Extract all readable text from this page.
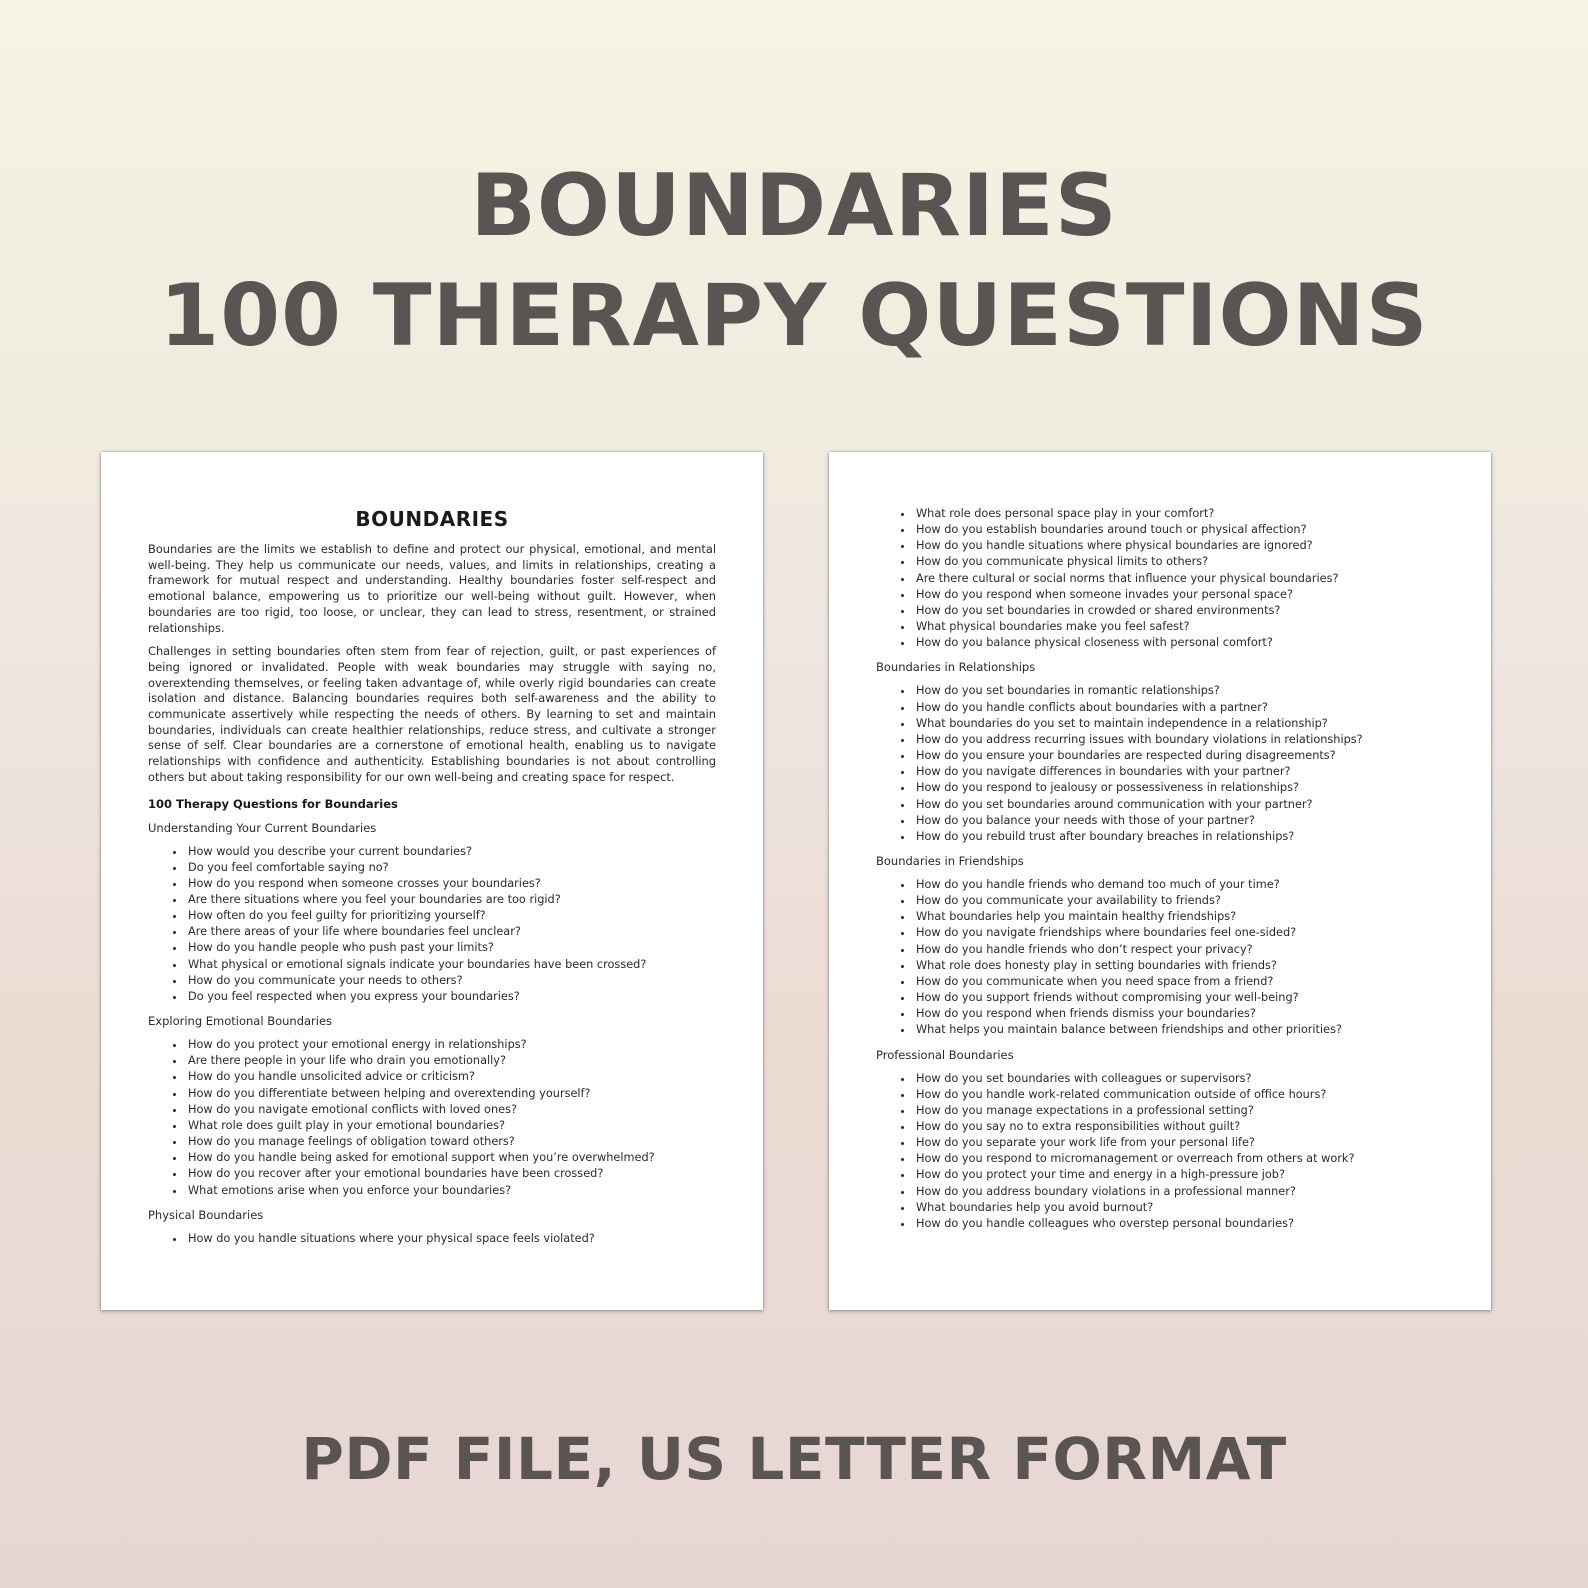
BOUNDARIES
100 THERAPY QUESTIONS
BOUNDARIES

Boundaries are the limits we establish to define and protect our physical, emotional, and mental well-being. They help us communicate our needs, values, and limits in relationships, creating a framework for mutual respect and understanding. Healthy boundaries foster self-respect and emotional balance, empowering us to prioritize our well-being without guilt. However, when boundaries are too rigid, too loose, or unclear, they can lead to stress, resentment, or strained relationships.

Challenges in setting boundaries often stem from fear of rejection, guilt, or past experiences of being ignored or invalidated. People with weak boundaries may struggle with saying no, overextending themselves, or feeling taken advantage of, while overly rigid boundaries can create isolation and distance. Balancing boundaries requires both self-awareness and the ability to communicate assertively while respecting the needs of others. By learning to set and maintain boundaries, individuals can create healthier relationships, reduce stress, and cultivate a stronger sense of self. Clear boundaries are a cornerstone of emotional health, enabling us to navigate relationships with confidence and authenticity. Establishing boundaries is not about controlling others but about taking responsibility for our own well-being and creating space for respect.

100 Therapy Questions for Boundaries
Understanding Your Current Boundaries
• How would you describe your current boundaries?
• Do you feel comfortable saying no?
• How do you respond when someone crosses your boundaries?
• Are there situations where you feel your boundaries are too rigid?
• How often do you feel guilty for prioritizing yourself?
• Are there areas of your life where boundaries feel unclear?
• How do you handle people who push past your limits?
• What physical or emotional signals indicate your boundaries have been crossed?
• How do you communicate your needs to others?
• Do you feel respected when you express your boundaries?
Exploring Emotional Boundaries
• How do you protect your emotional energy in relationships?
• Are there people in your life who drain you emotionally?
• How do you handle unsolicited advice or criticism?
• How do you differentiate between helping and overextending yourself?
• How do you navigate emotional conflicts with loved ones?
• What role does guilt play in your emotional boundaries?
• How do you manage feelings of obligation toward others?
• How do you handle being asked for emotional support when you’re overwhelmed?
• How do you recover after your emotional boundaries have been crossed?
• What emotions arise when you enforce your boundaries?
Physical Boundaries
• How do you handle situations where your physical space feels violated?
• What role does personal space play in your comfort?
• How do you establish boundaries around touch or physical affection?
• How do you handle situations where physical boundaries are ignored?
• How do you communicate physical limits to others?
• Are there cultural or social norms that influence your physical boundaries?
• How do you respond when someone invades your personal space?
• How do you set boundaries in crowded or shared environments?
• What physical boundaries make you feel safest?
• How do you balance physical closeness with personal comfort?
Boundaries in Relationships
• How do you set boundaries in romantic relationships?
• How do you handle conflicts about boundaries with a partner?
• What boundaries do you set to maintain independence in a relationship?
• How do you address recurring issues with boundary violations in relationships?
• How do you ensure your boundaries are respected during disagreements?
• How do you navigate differences in boundaries with your partner?
• How do you respond to jealousy or possessiveness in relationships?
• How do you set boundaries around communication with your partner?
• How do you balance your needs with those of your partner?
• How do you rebuild trust after boundary breaches in relationships?
Boundaries in Friendships
• How do you handle friends who demand too much of your time?
• How do you communicate your availability to friends?
• What boundaries help you maintain healthy friendships?
• How do you navigate friendships where boundaries feel one-sided?
• How do you handle friends who don’t respect your privacy?
• What role does honesty play in setting boundaries with friends?
• How do you communicate when you need space from a friend?
• How do you support friends without compromising your well-being?
• How do you respond when friends dismiss your boundaries?
• What helps you maintain balance between friendships and other priorities?
Professional Boundaries
• How do you set boundaries with colleagues or supervisors?
• How do you handle work-related communication outside of office hours?
• How do you manage expectations in a professional setting?
• How do you say no to extra responsibilities without guilt?
• How do you separate your work life from your personal life?
• How do you respond to micromanagement or overreach from others at work?
• How do you protect your time and energy in a high-pressure job?
• How do you address boundary violations in a professional manner?
• What boundaries help you avoid burnout?
• How do you handle colleagues who overstep personal boundaries?
PDF FILE, US LETTER FORMAT
